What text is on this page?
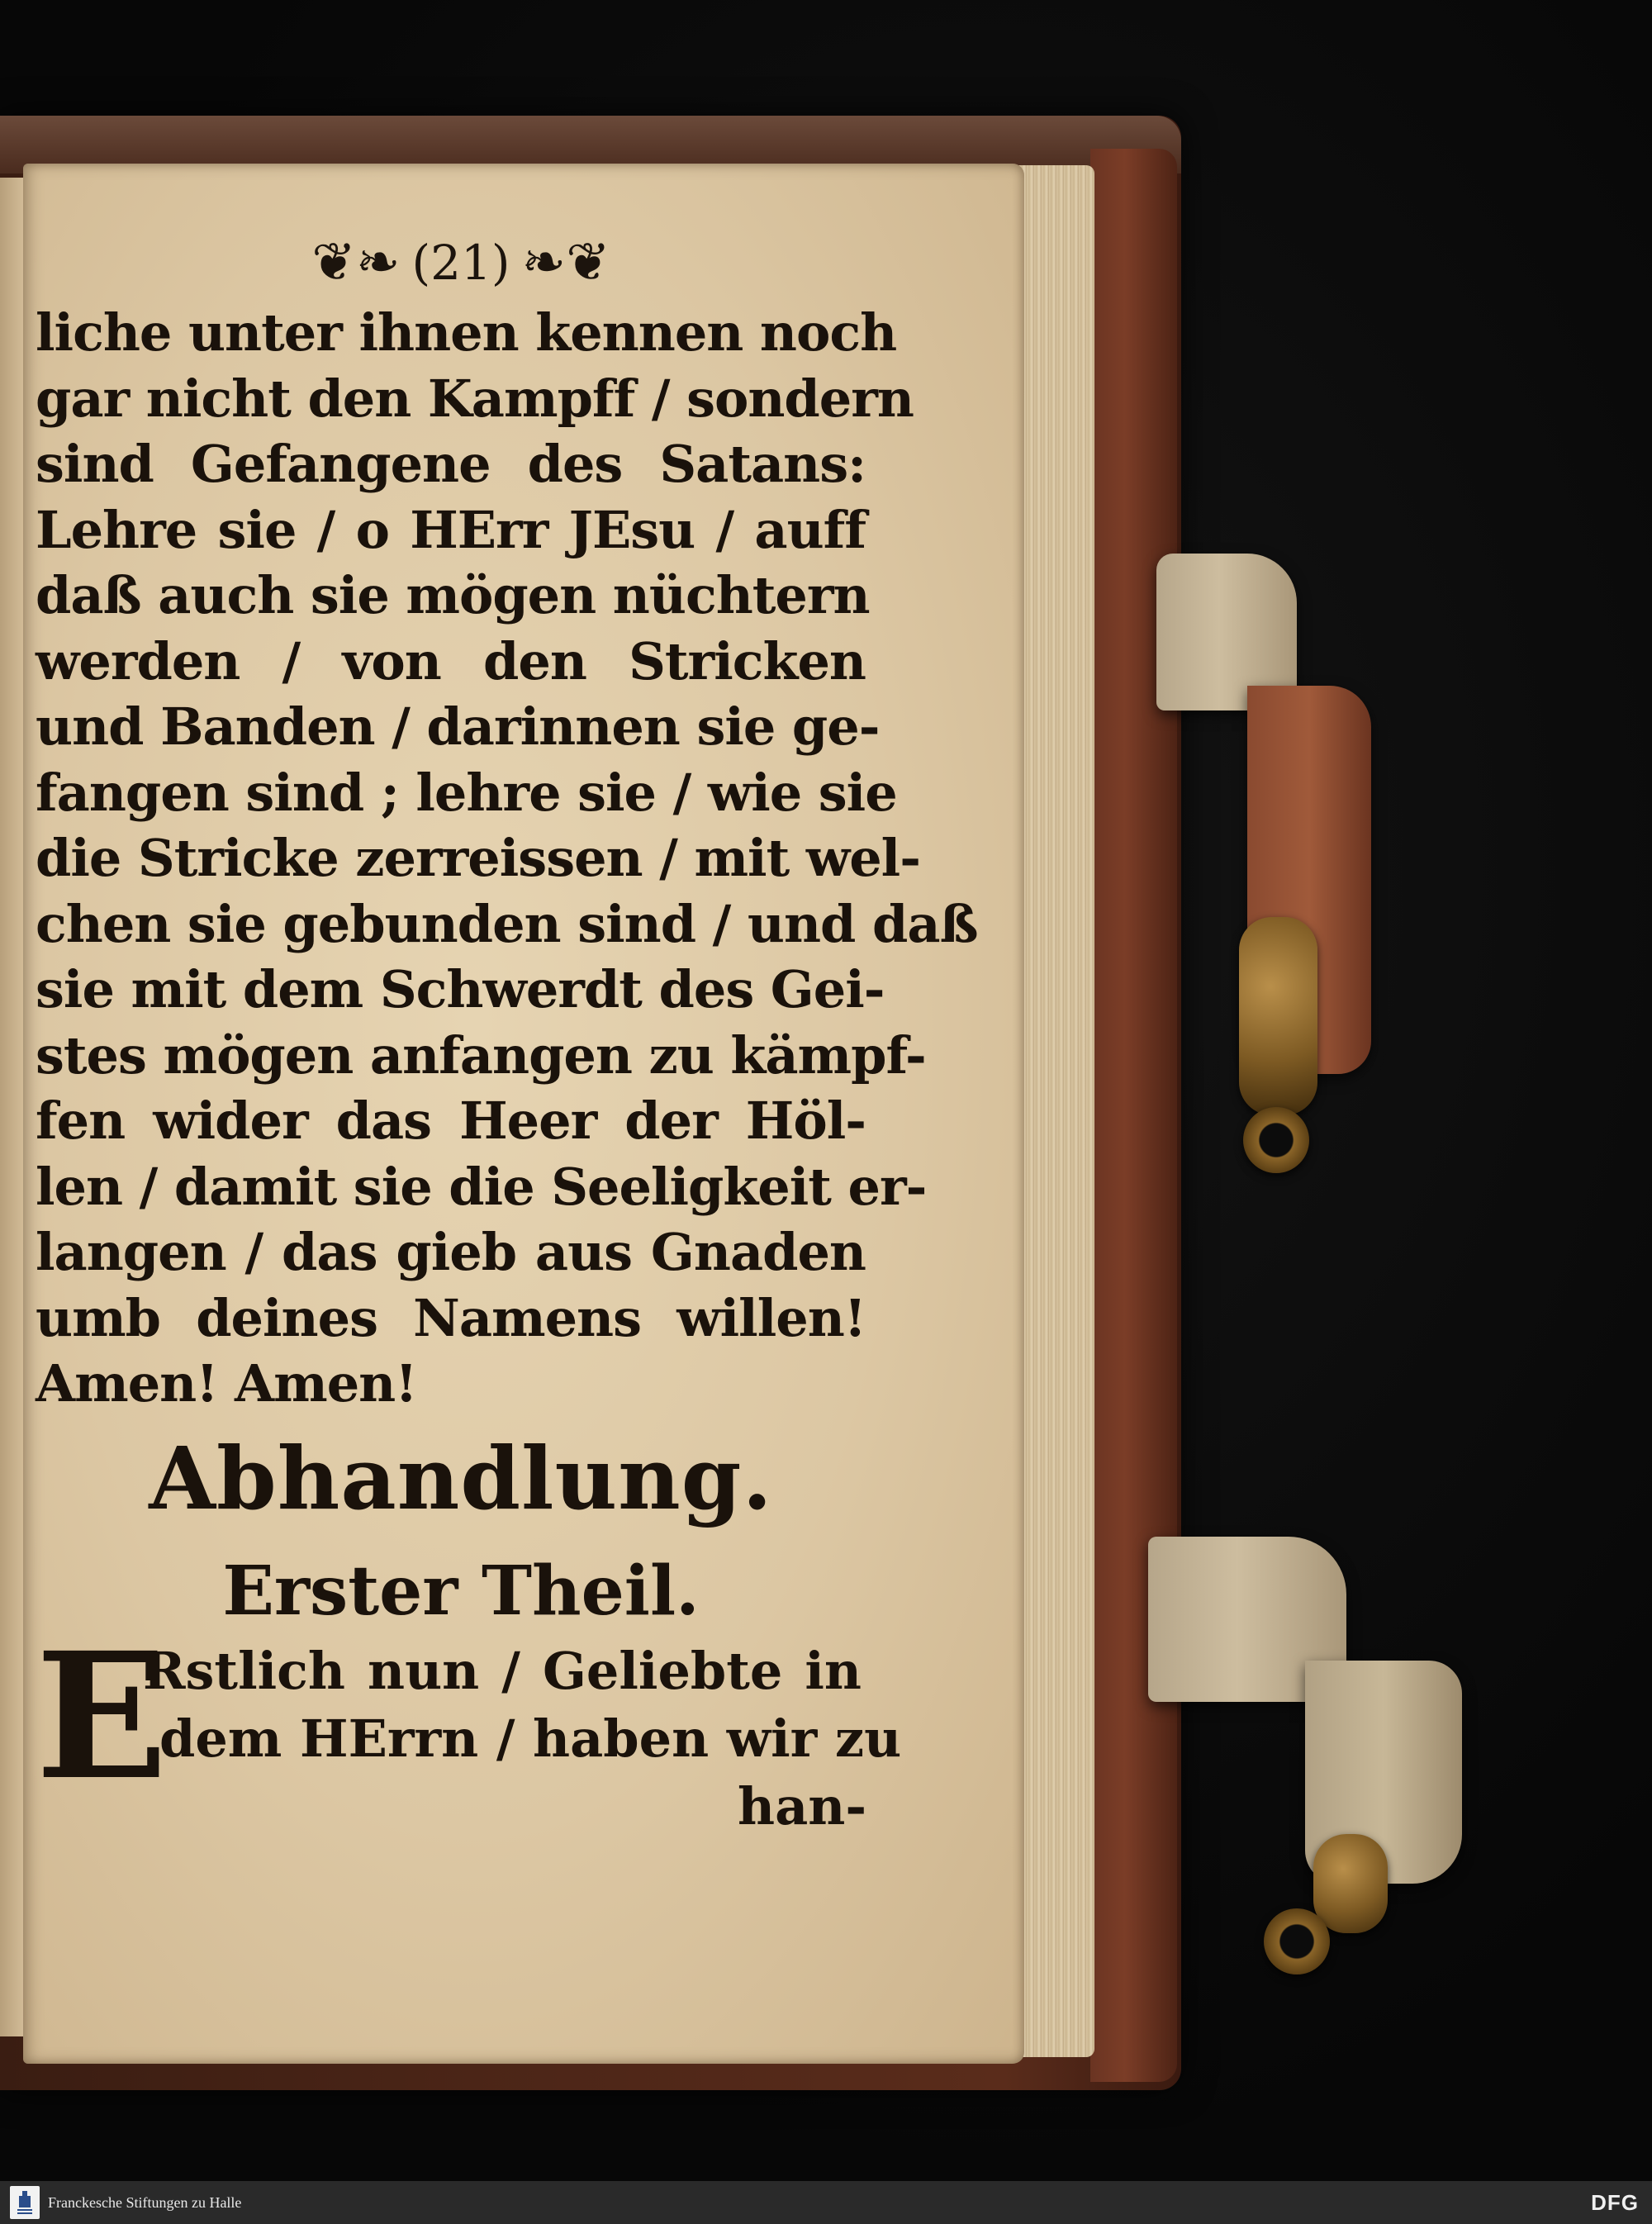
❦❧ (21) ❧❦
liche unter ihnen kennen noch
gar nicht den Kampff / sondern
sind Gefangene des Satans:
Lehre sie / o HErr JEsu / auff
daß auch sie mögen nüchtern
werden / von den Stricken
und Banden / darinnen sie ge-
fangen sind ; lehre sie / wie sie
die Stricke zerreissen / mit wel-
chen sie gebunden sind / und daß
sie mit dem Schwerdt des Gei-
stes mögen anfangen zu kämpf-
fen wider das Heer der Höl-
len / damit sie die Seeligkeit er-
langen / das gieb aus Gnaden
umb deines Namens willen!
Amen! Amen!
Abhandlung.
Erster Theil.
E
Rstlich nun / Geliebte in
dem HErrn / haben wir zu
han-
Franckesche Stiftungen zu Halle	DFG
